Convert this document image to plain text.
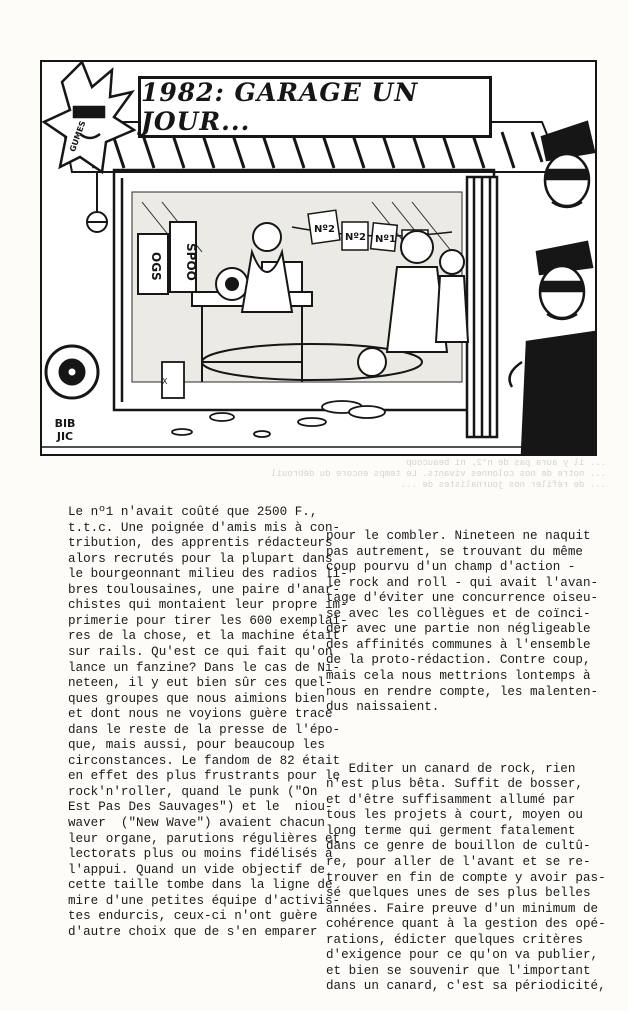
... il y aura pas de n°2, ni beaucoup
... notre de nos colonnes vivants. Le temps encore du débrouil
... de réfiler nos journalistes de ...
Nº2
Nº2 Nº1
OGS SPOO
X
1982: GARAGE UN JOUR...
BIB
JIC
GUMES

Le nº1 n'avait coûté que 2500 F.,
t.t.c. Une poignée d'amis mis à con-
tribution, des apprentis rédacteurs
alors recrutés pour la plupart dans
le bourgeonnant milieu des radios li-
bres toulousaines, une paire d'anar-
chistes qui montaient leur propre im-
primerie pour tirer les 600 exemplai-
res de la chose, et la machine était
sur rails. Qu'est ce qui fait qu'on
lance un fanzine? Dans le cas de Ni-
neteen, il y eut bien sûr ces quel-
ques groupes que nous aimions bien
et dont nous ne voyions guère trace
dans le reste de la presse de l'épo-
que, mais aussi, pour beaucoup les
circonstances. Le fandom de 82 était
en effet des plus frustrants pour le
rock'n'roller, quand le punk ("On
Est Pas Des Sauvages") et le  niou-
waver  ("New Wave") avaient chacun
leur organe, parutions régulières et
lectorats plus ou moins fidélisés à
l'appui. Quand un vide objectif de
cette taille tombe dans la ligne de
mire d'une petites équipe d'activis-
tes endurcis, ceux-ci n'ont guère
d'autre choix que de s'en emparer

pour le combler. Nineteen ne naquit
pas autrement, se trouvant du même
coup pourvu d'un champ d'action -
le rock and roll - qui avait l'avan-
tage d'éviter une concurrence oiseu-
se avec les collègues et de coïnci-
der avec une partie non négligeable
des affinités communes à l'ensemble
de la proto-rédaction. Contre coup,
mais cela nous mettrions lontemps à
nous en rendre compte, les malenten-
dus naissaient.

Editer un canard de rock, rien
n'est plus bêta. Suffit de bosser,
et d'être suffisamment allumé par
tous les projets à court, moyen ou
long terme qui germent fatalement
dans ce genre de bouillon de cultû-
re, pour aller de l'avant et se re-
trouver en fin de compte y avoir pas-
sé quelques unes de ses plus belles
années. Faire preuve d'un minimum de
cohérence quant à la gestion des opé-
rations, édicter quelques critères
d'exigence pour ce qu'on va publier,
et bien se souvenir que l'important
dans un canard, c'est sa périodicité,
